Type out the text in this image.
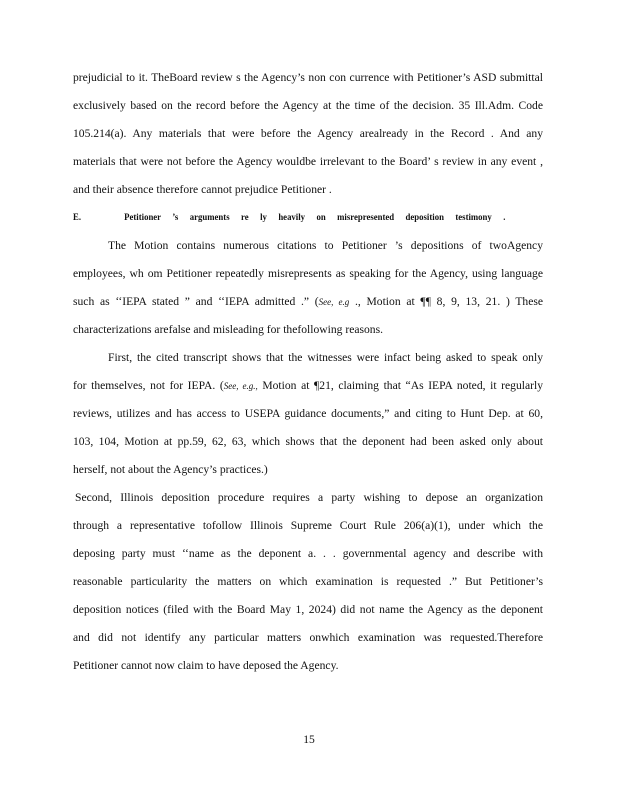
prejudicial to it. TheBoard review s the Agency’s non con currence with Petitioner’s ASD submittal
exclusively based on the record before the Agency at the time of the decision. 35 Ill.Adm. Code
105.214(a). Any materials that were before the Agency arealready in the Record . And any
materials that were not before the Agency wouldbe irrelevant to the Board’ s review in any event ,
and their absence therefore cannot prejudice Petitioner .
E.	Petitioner ’s arguments re ly heavily on misrepresented deposition testimony .
The Motion contains numerous citations to Petitioner ’s depositions of twoAgency
employees, wh om Petitioner repeatedly misrepresents as speaking for the Agency, using language
such as ‘‘IEPA stated ” and ‘‘IEPA admitted .” (See, e.g ., Motion at ¶¶ 8, 9, 13, 21. ) These
characterizations arefalse and misleading for thefollowing reasons.
First, the cited transcript shows that the witnesses were infact being asked to speak only
for themselves, not for IEPA. (See, e.g., Motion at ¶21, claiming that “As IEPA noted, it regularly
reviews, utilizes and has access to USEPA guidance documents,” and citing to Hunt Dep. at 60,
103, 104, Motion at pp.59, 62, 63, which shows that the deponent had been asked only about
herself, not about the Agency’s practices.)
Second, Illinois deposition procedure requires a party wishing to depose an organization
through a representative tofollow Illinois Supreme Court Rule 206(a)(1), under which the
deposing party must ‘‘name as the deponent a. . . governmental agency and describe with
reasonable particularity the matters on which examination is requested .” But Petitioner’s
deposition notices (filed with the Board May 1, 2024) did not name the Agency as the deponent
and did not identify any particular matters onwhich examination was requested.Therefore
Petitioner cannot now claim to have deposed the Agency.
15
